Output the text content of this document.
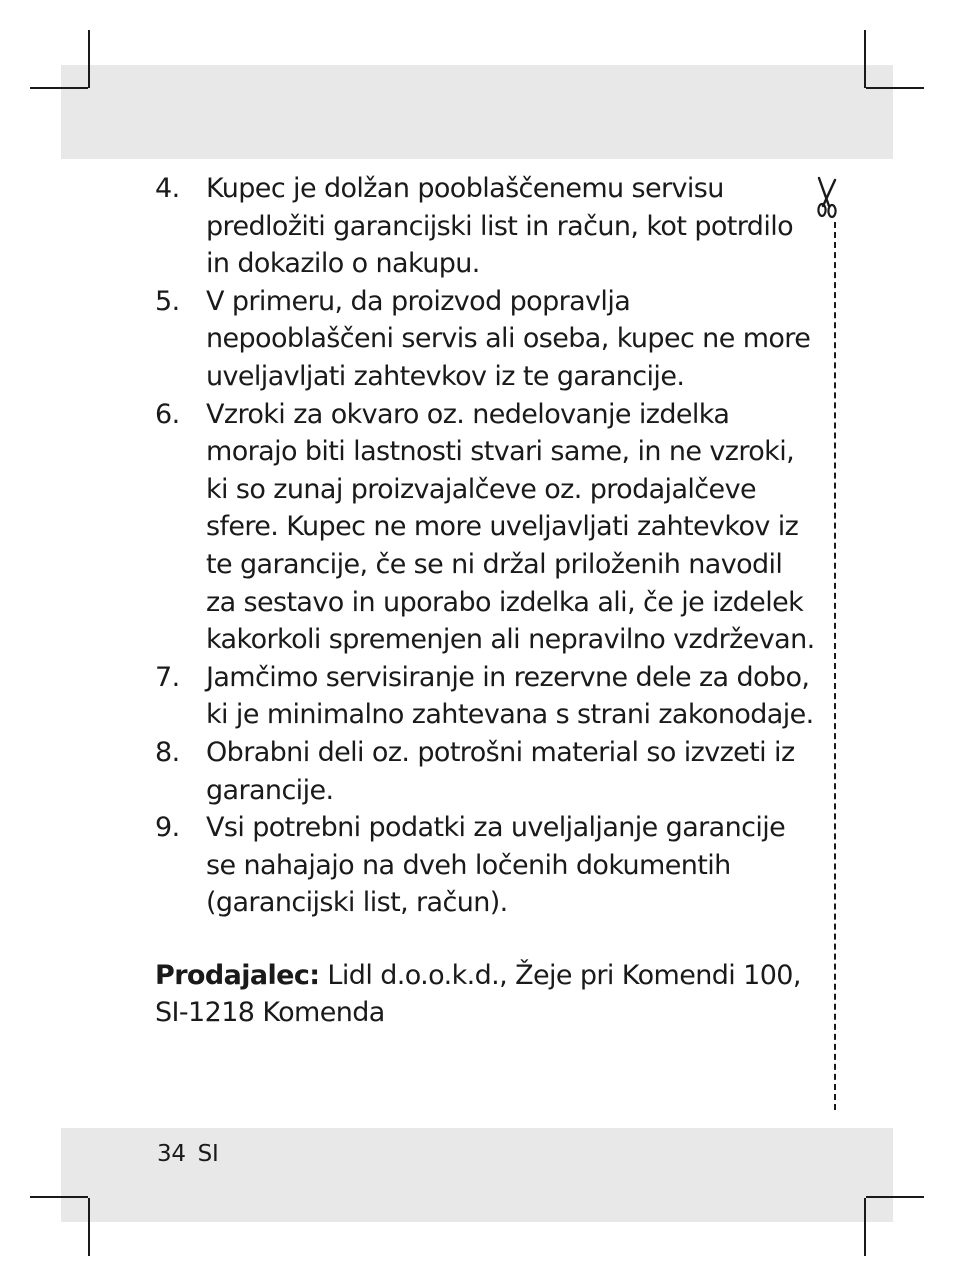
4. Kupec je dolžan pooblaščenemu servisu predložiti garancijski list in račun, kot potrdilo in dokazilo o nakupu.
5. V primeru, da proizvod popravlja nepooblaščeni servis ali oseba, kupec ne more uveljavljati zahtevkov iz te garancije.
6. Vzroki za okvaro oz. nedelovanje izdelka morajo biti lastnosti stvari same, in ne vzroki, ki so zunaj proizvajalčeve oz. prodajalčeve sfere. Kupec ne more uveljavljati zahtevkov iz te garancije, če se ni držal priloženih navodil za sestavo in uporabo izdelka ali, če je izdelek kakorkoli spremenjen ali nepravilno vzdrževan.
7. Jamčimo servisiranje in rezervne dele za dobo, ki je minimalno zahtevana s strani zakonodaje.
8. Obrabni deli oz. potrošni material so izvzeti iz garancije.
9. Vsi potrebni podatki za uveljaljanje garancije se nahajajo na dveh ločenih dokumentih (garancijski list, račun).

Prodajalec: Lidl d.o.o.k.d., Žeje pri Komendi 100, SI-1218 Komenda

34 SI
